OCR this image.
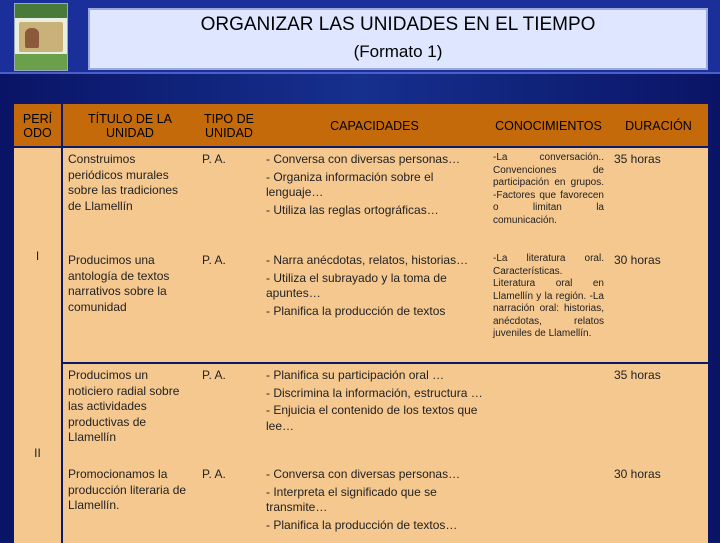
ORGANIZAR LAS UNIDADES EN EL TIEMPO
(Formato 1)
PERÍ ODO	TÍTULO DE LA UNIDAD	TIPO DE UNIDAD	CAPACIDADES	CONOCIMIENTOS	DURACIÓN
I	Construimos periódicos murales sobre las tradiciones de Llamellín	P. A.	- Conversa con diversas personas…

- Organiza información sobre el lenguaje…

- Utiliza las reglas ortográficas…	-La conversación.. Convenciones de participación en grupos. -Factores que favorecen o limitan la comunicación.	35 horas
	Producimos una antología de textos narrativos sobre la comunidad	P. A.	- Narra anécdotas, relatos, historias…

- Utiliza el subrayado y la toma de apuntes…

- Planifica la producción de textos	-La literatura oral. Características. Literatura oral en Llamellín y la región. -La narración oral: historias, anécdotas, relatos juveniles de Llamellín.	30 horas
II	Producimos un noticiero radial sobre las actividades productivas de Llamellín	P. A.	- Planifica su participación oral …

- Discrimina la información, estructura …

- Enjuicia el contenido de los textos que lee…		35 horas
	Promocionamos la producción literaria de Llamellín.	P. A.	- Conversa con diversas personas…

- Interpreta el significado que se transmite…

- Planifica la producción de textos…		30 horas
